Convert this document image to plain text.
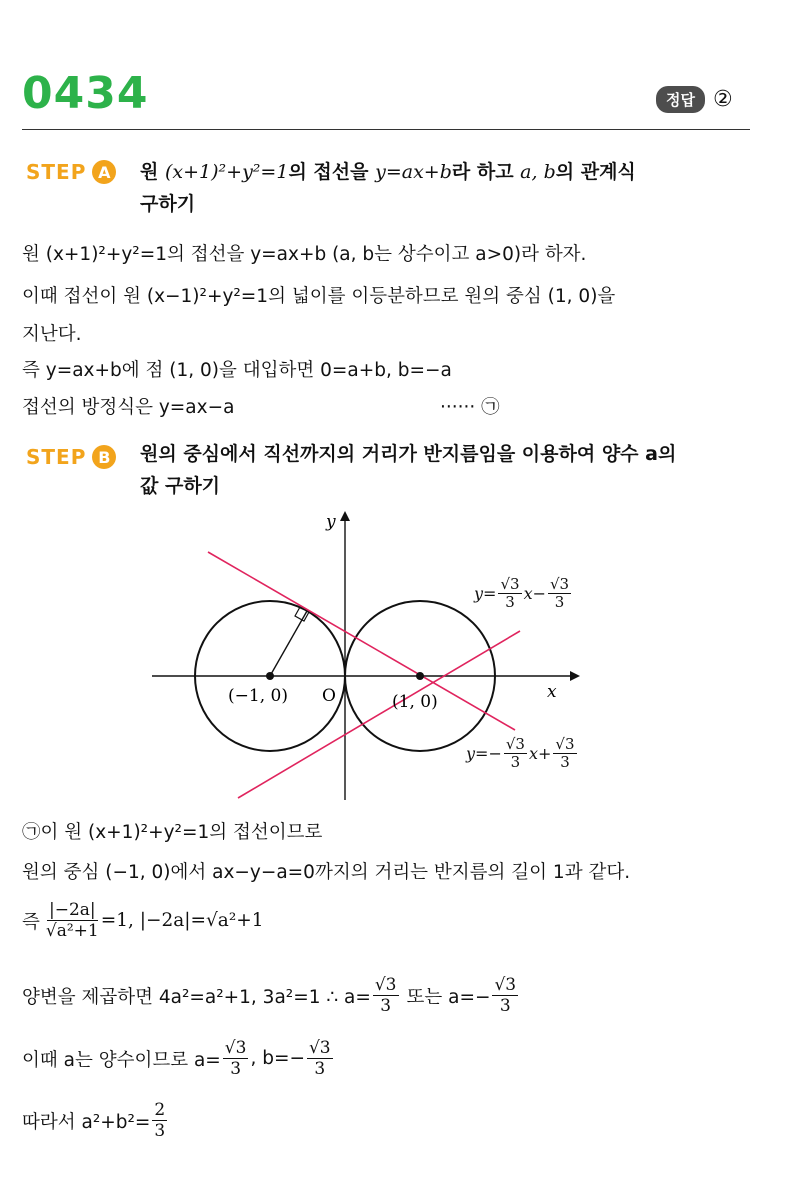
0434	정답 ②
STEP A	원 (x+1)²+y²=1의 접선을 y=ax+b라 하고 a, b의 관계식
구하기
원 (x+1)²+y²=1의 접선을 y=ax+b (a, b는 상수이고 a>0)라 하자.
이때 접선이 원 (x−1)²+y²=1의 넓이를 이등분하므로 원의 중심 (1, 0)을
지난다.
즉 y=ax+b에 점 (1, 0)을 대입하면 0=a+b, b=−a
접선의 방정식은 y=ax−a	······ ㉠
STEP B	원의 중심에서 직선까지의 거리가 반지름임을 이용하여 양수 a의
값 구하기
y
x
O
(−1, 0)	(1, 0)
$y= \frac{√3}{3} x- \frac{√3}{3}$
$y=- \frac{√3}{3} x+ \frac{√3}{3}$
㉠이 원 (x+1)²+y²=1의 접선이므로
원의 중심 (−1, 0)에서 ax−y−a=0까지의 거리는 반지름의 길이 1과 같다.
즉 $\frac{|-2a|}{\text{√a²+1}} =1$, |−2a|=√a²+1
양변을 제곱하면 4a²=a²+1, 3a²=1 ∴ $a= \frac{√3}{3}$ 또는 $a=- \frac{√3}{3}$
이때 a는 양수이므로 $a= \frac{√3}{3}$ , $b=- \frac{√3}{3}$
따라서 $a^2+b^2= \frac{2}{3}$
